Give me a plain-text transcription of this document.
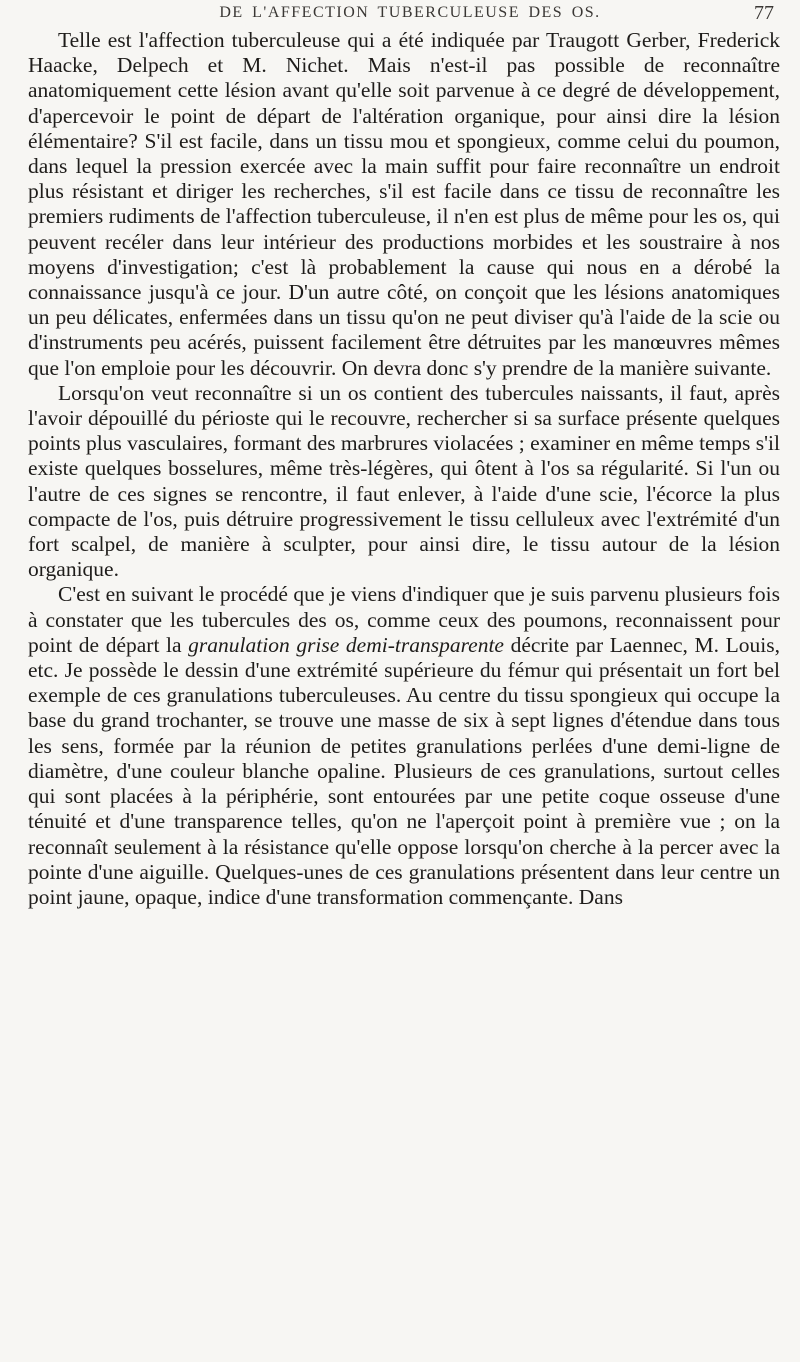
DE L'AFFECTION TUBERCULEUSE DES OS.	77

Telle est l'affection tuberculeuse qui a été indiquée par Traugott Gerber, Frederick Haacke, Delpech et M. Nichet. Mais n'est-il pas possible de reconnaître anatomiquement cette lésion avant qu'elle soit parvenue à ce degré de développement, d'apercevoir le point de départ de l'altération organique, pour ainsi dire la lésion élémentaire? S'il est facile, dans un tissu mou et spongieux, comme celui du poumon, dans lequel la pression exercée avec la main suffit pour faire reconnaître un endroit plus résistant et diriger les recherches, s'il est facile dans ce tissu de reconnaître les premiers rudiments de l'affection tuberculeuse, il n'en est plus de même pour les os, qui peuvent recéler dans leur intérieur des productions morbides et les soustraire à nos moyens d'investigation; c'est là probablement la cause qui nous en a dérobé la connaissance jusqu'à ce jour. D'un autre côté, on conçoit que les lésions anatomiques un peu délicates, enfermées dans un tissu qu'on ne peut diviser qu'à l'aide de la scie ou d'instruments peu acérés, puissent facilement être détruites par les manœuvres mêmes que l'on emploie pour les découvrir. On devra donc s'y prendre de la manière suivante.

Lorsqu'on veut reconnaître si un os contient des tubercules naissants, il faut, après l'avoir dépouillé du périoste qui le recouvre, rechercher si sa surface présente quelques points plus vasculaires, formant des marbrures violacées ; examiner en même temps s'il existe quelques bosselures, même très-légères, qui ôtent à l'os sa régularité. Si l'un ou l'autre de ces signes se rencontre, il faut enlever, à l'aide d'une scie, l'écorce la plus compacte de l'os, puis détruire progressivement le tissu celluleux avec l'extrémité d'un fort scalpel, de manière à sculpter, pour ainsi dire, le tissu autour de la lésion organique.

C'est en suivant le procédé que je viens d'indiquer que je suis parvenu plusieurs fois à constater que les tubercules des os, comme ceux des poumons, reconnaissent pour point de départ la granulation grise demi-transparente décrite par Laennec, M. Louis, etc. Je possède le dessin d'une extrémité supérieure du fémur qui présentait un fort bel exemple de ces granulations tuberculeuses. Au centre du tissu spongieux qui occupe la base du grand trochanter, se trouve une masse de six à sept lignes d'étendue dans tous les sens, formée par la réunion de petites granulations perlées d'une demi-ligne de diamètre, d'une couleur blanche opaline. Plusieurs de ces granulations, surtout celles qui sont placées à la périphérie, sont entourées par une petite coque osseuse d'une ténuité et d'une transparence telles, qu'on ne l'aperçoit point à première vue ; on la reconnaît seulement à la résistance qu'elle oppose lorsqu'on cherche à la percer avec la pointe d'une aiguille. Quelques-unes de ces granulations présentent dans leur centre un point jaune, opaque, indice d'une transformation commençante. Dans
